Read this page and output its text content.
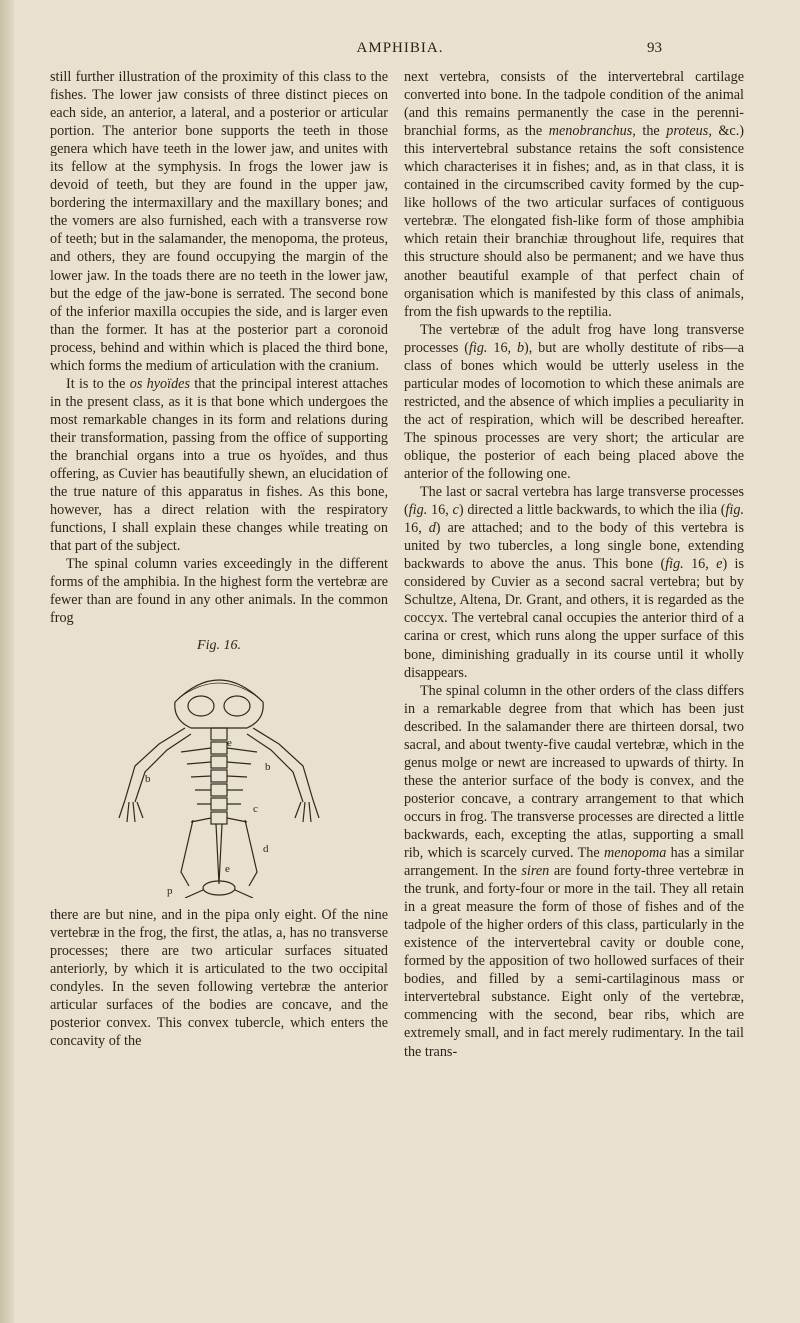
AMPHIBIA.	93

still further illustration of the proximity of this class to the fishes. The lower jaw consists of three distinct pieces on each side, an anterior, a lateral, and a posterior or articular portion. The anterior bone supports the teeth in those genera which have teeth in the lower jaw, and unites with its fellow at the symphysis. In frogs the lower jaw is devoid of teeth, but they are found in the upper jaw, bordering the intermaxillary and the maxillary bones; and the vomers are also furnished, each with a transverse row of teeth; but in the salamander, the menopoma, the proteus, and others, they are found occupying the margin of the lower jaw. In the toads there are no teeth in the lower jaw, but the edge of the jaw-bone is serrated. The second bone of the inferior maxilla occupies the side, and is larger even than the former. It has at the posterior part a coronoid process, behind and within which is placed the third bone, which forms the medium of articulation with the cranium.

It is to the os hyoïdes that the principal interest attaches in the present class, as it is that bone which undergoes the most remarkable changes in its form and relations during their transformation, passing from the office of supporting the branchial organs into a true os hyoïdes, and thus offering, as Cuvier has beautifully shewn, an elucidation of the true nature of this apparatus in fishes. As this bone, however, has a direct relation with the respiratory functions, I shall explain these changes while treating on that part of the subject.

The spinal column varies exceedingly in the different forms of the amphibia. In the highest form the vertebræ are fewer than are found in any other animals. In the common frog

Fig. 16.
b
e
b
c
d
e
p

there are but nine, and in the pipa only eight. Of the nine vertebræ in the frog, the first, the atlas, a, has no transverse processes; there are two articular surfaces situated anteriorly, by which it is articulated to the two occipital condyles. In the seven following vertebræ the anterior articular surfaces of the bodies are concave, and the posterior convex. This convex tubercle, which enters the concavity of the

next vertebra, consists of the intervertebral cartilage converted into bone. In the tadpole condition of the animal (and this remains permanently the case in the perenni-branchial forms, as the menobranchus, the proteus, &c.) this intervertebral substance retains the soft consistence which characterises it in fishes; and, as in that class, it is contained in the circumscribed cavity formed by the cup-like hollows of the two articular surfaces of contiguous vertebræ. The elongated fish-like form of those amphibia which retain their branchiæ throughout life, requires that this structure should also be permanent; and we have thus another beautiful example of that perfect chain of organisation which is manifested by this class of animals, from the fish upwards to the reptilia.

The vertebræ of the adult frog have long transverse processes (fig. 16, b), but are wholly destitute of ribs—a class of bones which would be utterly useless in the particular modes of locomotion to which these animals are restricted, and the absence of which implies a peculiarity in the act of respiration, which will be described hereafter. The spinous processes are very short; the articular are oblique, the posterior of each being placed above the anterior of the following one.

The last or sacral vertebra has large transverse processes (fig. 16, c) directed a little backwards, to which the ilia (fig. 16, d) are attached; and to the body of this vertebra is united by two tubercles, a long single bone, extending backwards to above the anus. This bone (fig. 16, e) is considered by Cuvier as a second sacral vertebra; but by Schultze, Altena, Dr. Grant, and others, it is regarded as the coccyx. The vertebral canal occupies the anterior third of a carina or crest, which runs along the upper surface of this bone, diminishing gradually in its course until it wholly disappears.

The spinal column in the other orders of the class differs in a remarkable degree from that which has been just described. In the salamander there are thirteen dorsal, two sacral, and about twenty-five caudal vertebræ, which in the genus molge or newt are increased to upwards of thirty. In these the anterior surface of the body is convex, and the posterior concave, a contrary arrangement to that which occurs in frog. The transverse processes are directed a little backwards, each, excepting the atlas, supporting a small rib, which is scarcely curved. The menopoma has a similar arrangement. In the siren are found forty-three vertebræ in the trunk, and forty-four or more in the tail. They all retain in a great measure the form of those of fishes and of the tadpole of the higher orders of this class, particularly in the existence of the intervertebral cavity or double cone, formed by the apposition of two hollowed surfaces of their bodies, and filled by a semi-cartilaginous mass or intervertebral substance. Eight only of the vertebræ, commencing with the second, bear ribs, which are extremely small, and in fact merely rudimentary. In the tail the trans-
